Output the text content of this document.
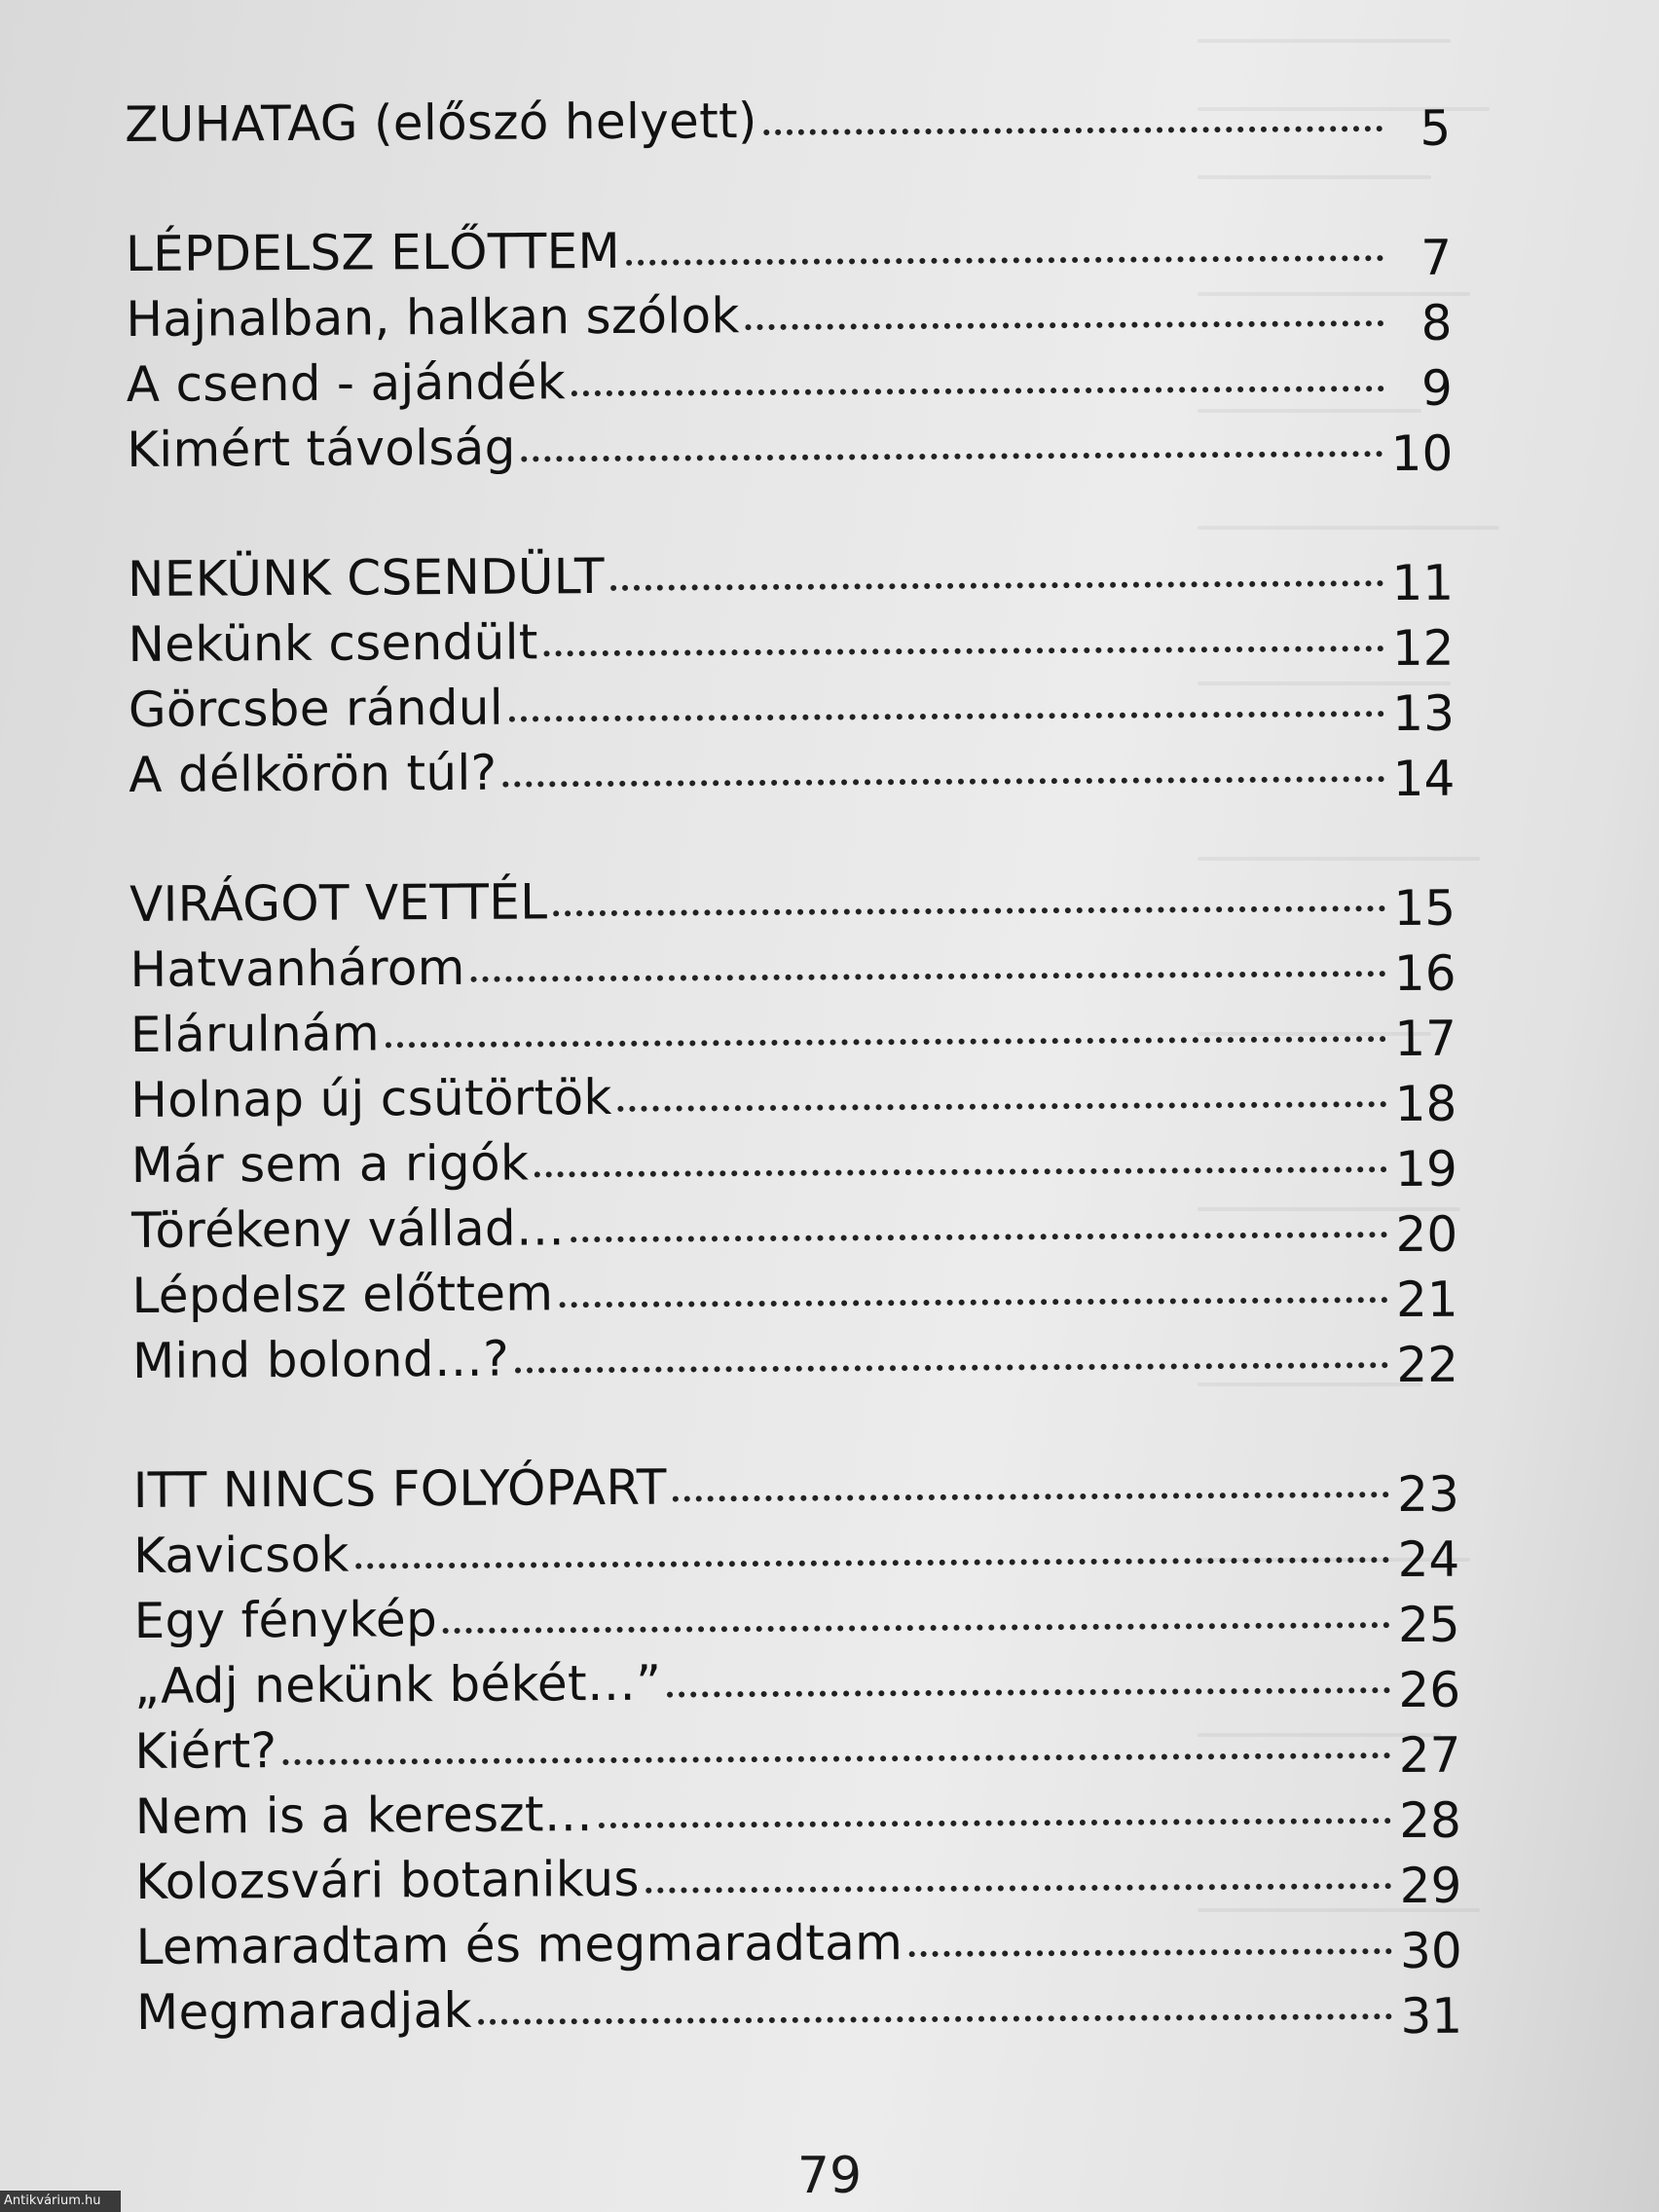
ZUHATAG (előszó helyett)	5
LÉPDELSZ ELŐTTEM	7
Hajnalban, halkan szólok	8
A csend - ajándék	9
Kimért távolság	10
NEKÜNK CSENDÜLT	11
Nekünk csendült	12
Görcsbe rándul	13
A délkörön túl?	14
VIRÁGOT VETTÉL	15
Hatvanhárom	16
Elárulnám	17
Holnap új csütörtök	18
Már sem a rigók	19
Törékeny vállad…	20
Lépdelsz előttem	21
Mind bolond…?	22
ITT NINCS FOLYÓPART	23
Kavicsok	24
Egy fénykép	25
„Adj nekünk békét…”	26
Kiért?	27
Nem is a kereszt…	28
Kolozsvári botanikus	29
Lemaradtam és megmaradtam	30
Megmaradjak	31
79
Antikvárium.hu
